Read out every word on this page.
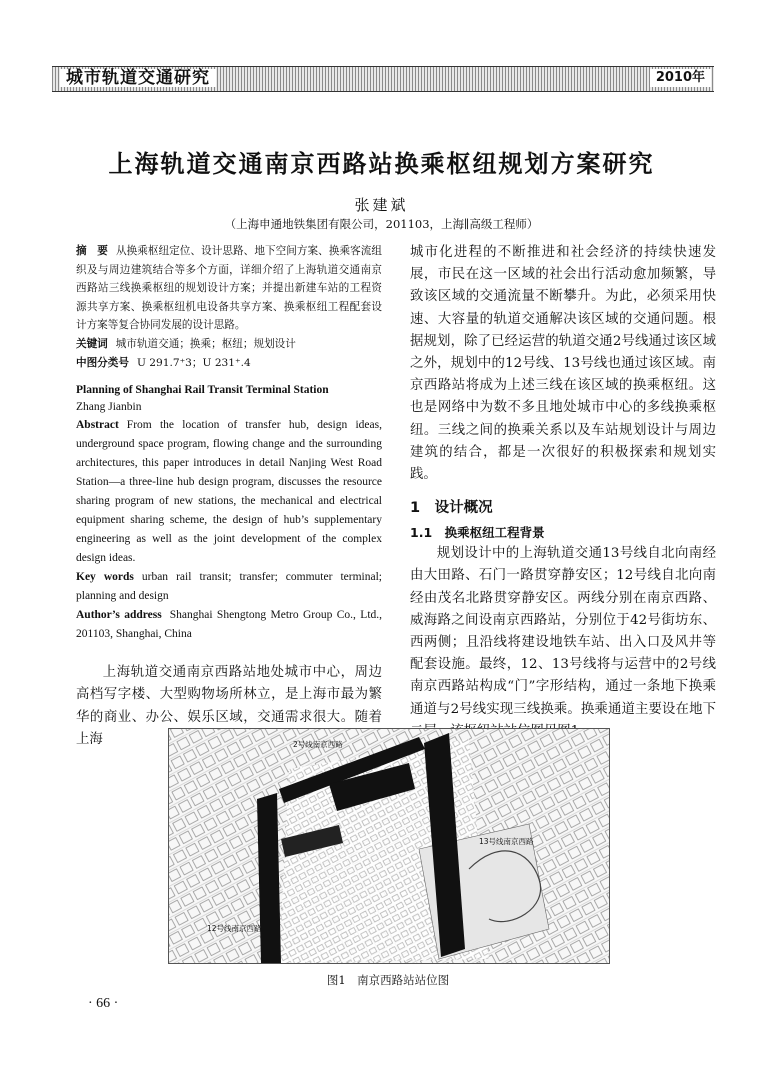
城市轨道交通研究	2010年
上海轨道交通南京西路站换乘枢纽规划方案研究
张建斌
（上海申通地铁集团有限公司，201103，上海∥高级工程师）

摘　要 从换乘枢纽定位、设计思路、地下空间方案、换乘客流组织及与周边建筑结合等多个方面，详细介绍了上海轨道交通南京西路站三线换乘枢纽的规划设计方案；并提出新建车站的工程资源共享方案、换乘枢纽机电设备共享方案、换乘枢纽工程配套设计方案等复合协同发展的设计思路。

关键词 城市轨道交通；换乘；枢纽；规划设计

中图分类号 U 291.7⁺3；U 231⁺.4

Planning of Shanghai Rail Transit Terminal Station
Zhang Jianbin

Abstract From the location of transfer hub, design ideas, underground space program, flowing change and the surrounding architectures, this paper introduces in detail Nanjing West Road Station—a three-line hub design program, discusses the resource sharing program of new stations, the mechanical and electrical equipment sharing scheme, the design of hub’s supplementary engineering as well as the joint development of the complex design ideas.

Key words urban rail transit; transfer; commuter terminal; planning and design

Author’s address Shanghai Shengtong Metro Group Co., Ltd., 201103, Shanghai, China

上海轨道交通南京西路站地处城市中心，周边高档写字楼、大型购物场所林立，是上海市最为繁华的商业、办公、娱乐区域，交通需求很大。随着上海

城市化进程的不断推进和社会经济的持续快速发展，市民在这一区域的社会出行活动愈加频繁，导致该区域的交通流量不断攀升。为此，必须采用快速、大容量的轨道交通解决该区域的交通问题。根据规划，除了已经运营的轨道交通2号线通过该区域之外，规划中的12号线、13号线也通过该区域。南京西路站将成为上述三线在该区域的换乘枢纽。这也是网络中为数不多且地处城市中心的多线换乘枢纽。三线之间的换乘关系以及车站规划设计与周边建筑的结合，都是一次很好的积极探索和规划实践。

1　设计概况
1.1　换乘枢纽工程背景

规划设计中的上海轨道交通13号线自北向南经由大田路、石门一路贯穿静安区；12号线自北向南经由茂名北路贯穿静安区。两线分别在南京西路、威海路之间设南京西路站，分别位于42号街坊东、西两侧；且沿线将建设地铁车站、出入口及风井等配套设施。最终，12、13号线将与运营中的2号线南京西路站构成“门”字形结构，通过一条地下换乘通道与2号线实现三线换乘。换乘通道主要设在地下

2号线南京西路
13号线南京西路
12号线南京西路
图1　南京西路站站位图
· 66 ·
